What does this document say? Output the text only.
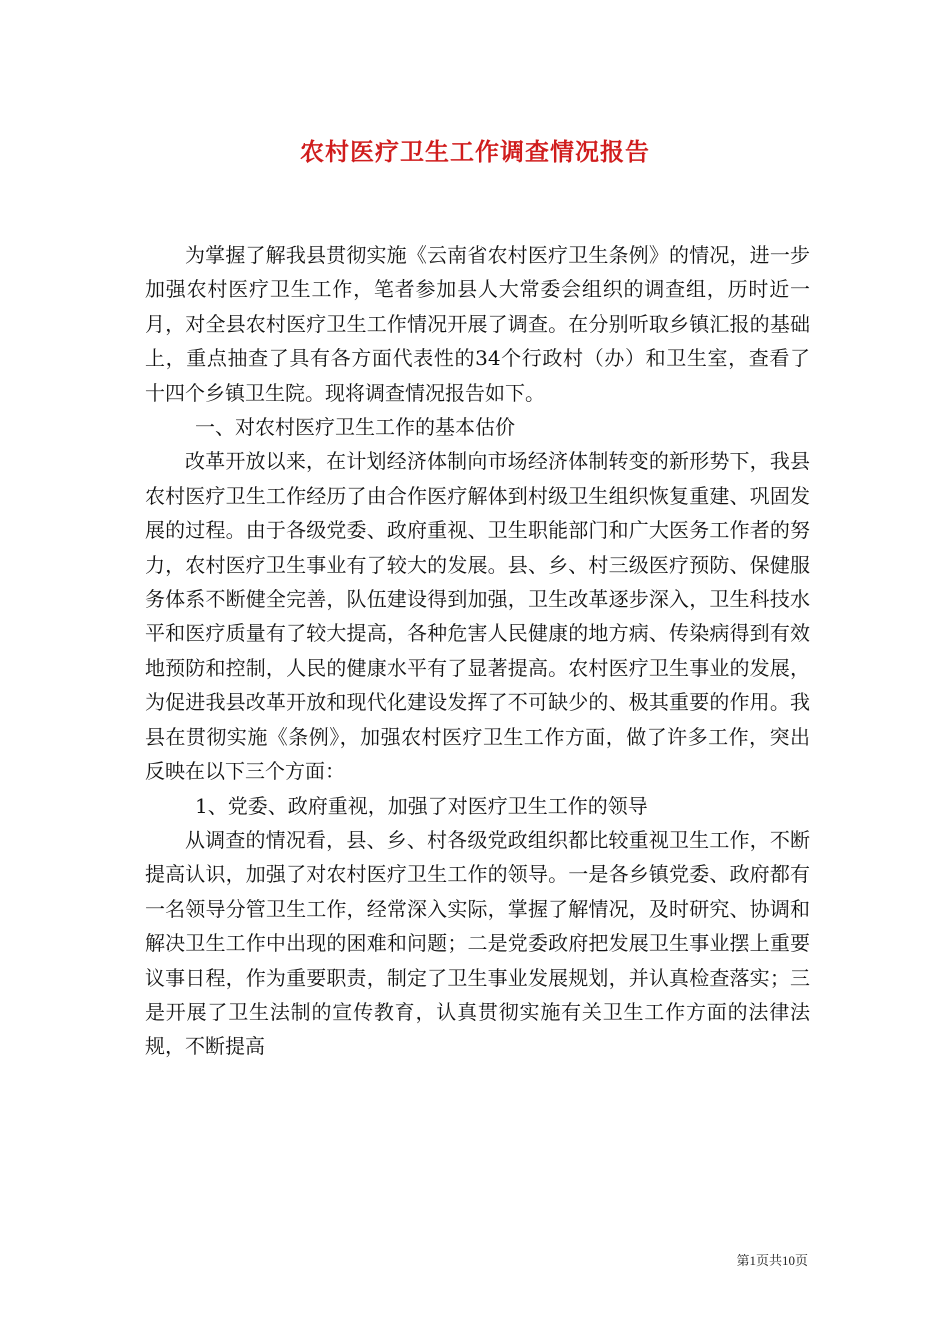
农村医疗卫生工作调查情况报告

为掌握了解我县贯彻实施《云南省农村医疗卫生条例》的情况，进一步加强农村医疗卫生工作，笔者参加县人大常委会组织的调查组，历时近一月，对全县农村医疗卫生工作情况开展了调查。在分别听取乡镇汇报的基础上，重点抽查了具有各方面代表性的34个行政村（办）和卫生室，查看了十四个乡镇卫生院。现将调查情况报告如下。

一、对农村医疗卫生工作的基本估价

改革开放以来，在计划经济体制向市场经济体制转变的新形势下，我县农村医疗卫生工作经历了由合作医疗解体到村级卫生组织恢复重建、巩固发展的过程。由于各级党委、政府重视、卫生职能部门和广大医务工作者的努力，农村医疗卫生事业有了较大的发展。县、乡、村三级医疗预防、保健服务体系不断健全完善，队伍建设得到加强，卫生改革逐步深入，卫生科技水平和医疗质量有了较大提高，各种危害人民健康的地方病、传染病得到有效地预防和控制，人民的健康水平有了显著提高。农村医疗卫生事业的发展，为促进我县改革开放和现代化建设发挥了不可缺少的、极其重要的作用。我县在贯彻实施《条例》，加强农村医疗卫生工作方面，做了许多工作，突出反映在以下三个方面：

1、党委、政府重视，加强了对医疗卫生工作的领导

从调查的情况看，县、乡、村各级党政组织都比较重视卫生工作，不断提高认识，加强了对农村医疗卫生工作的领导。一是各乡镇党委、政府都有一名领导分管卫生工作，经常深入实际，掌握了解情况，及时研究、协调和解决卫生工作中出现的困难和问题；二是党委政府把发展卫生事业摆上重要议事日程，作为重要职责，制定了卫生事业发展规划，并认真检查落实；三是开展了卫生法制的宣传教育，认真贯彻实施有关卫生工作方面的法律法规，不断提高

第1页共10页
